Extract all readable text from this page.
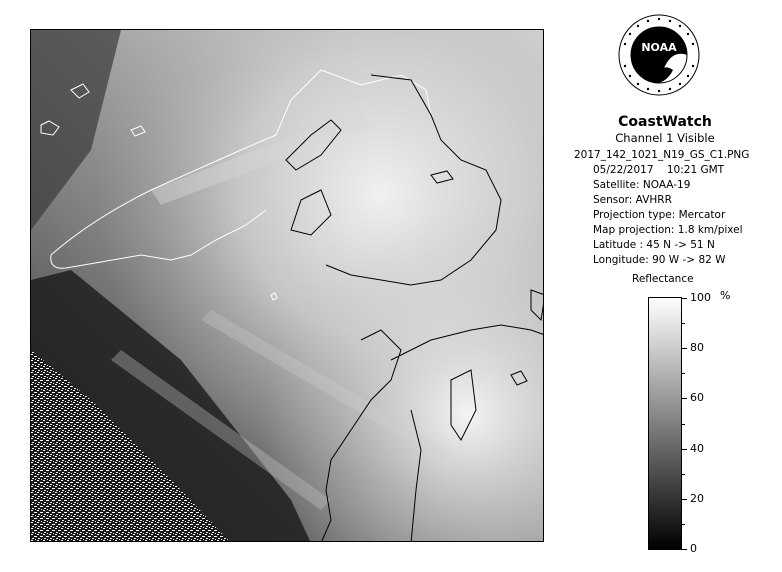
NOAA
CoastWatch
Channel 1 Visible
2017_142_1021_N19_GS_C1.PNG
05/22/2017    10:21 GMT
Satellite: NOAA-19
Sensor: AVHRR
Projection type: Mercator
Map projection: 1.8 km/pixel
Latitude : 45 N -> 51 N
Longitude: 90 W -> 82 W
Reflectance
%
100
80
60
40
20
0
